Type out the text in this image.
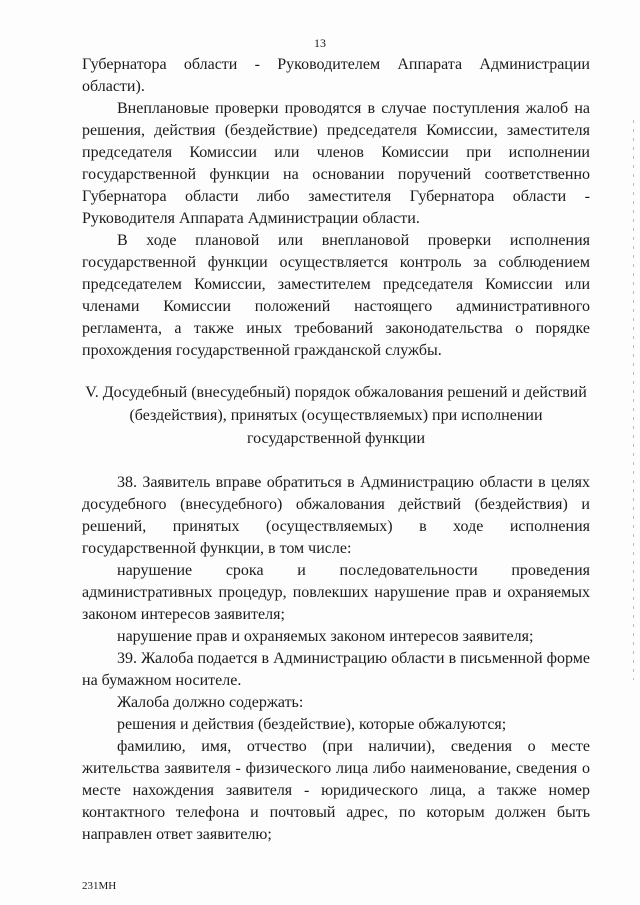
13

Губернатора области - Руководителем Аппарата Администрации области).

Внеплановые проверки проводятся в случае поступления жалоб на решения, действия (бездействие) председателя Комиссии, заместителя председателя Комиссии или членов Комиссии при исполнении государственной функции на основании поручений соответственно Губернатора области либо заместителя Губернатора области - Руководителя Аппарата Администрации области.

В ходе плановой или внеплановой проверки исполнения государственной функции осуществляется контроль за соблюдением председателем Комиссии, заместителем председателя Комиссии или членами Комиссии положений настоящего административного регламента, а также иных требований законодательства о порядке прохождения государственной гражданской службы.

V. Досудебный (внесудебный) порядок обжалования решений и действий
(бездействия), принятых (осуществляемых) при исполнении
государственной функции

38. Заявитель вправе обратиться в Администрацию области в целях досудебного (внесудебного) обжалования действий (бездействия) и решений, принятых (осуществляемых) в ходе исполнения государственной функции, в том числе:

нарушение срока и последовательности проведения административных процедур, повлекших нарушение прав и охраняемых законом интересов заявителя;

нарушение прав и охраняемых законом интересов заявителя;

39. Жалоба подается в Администрацию области в письменной форме на бумажном носителе.

Жалоба должно содержать:

решения и действия (бездействие), которые обжалуются;

фамилию, имя, отчество (при наличии), сведения о месте жительства заявителя - физического лица либо наименование, сведения о месте нахождения заявителя - юридического лица, а также номер контактного телефона и почтовый адрес, по которым должен быть направлен ответ заявителю;

231МН
